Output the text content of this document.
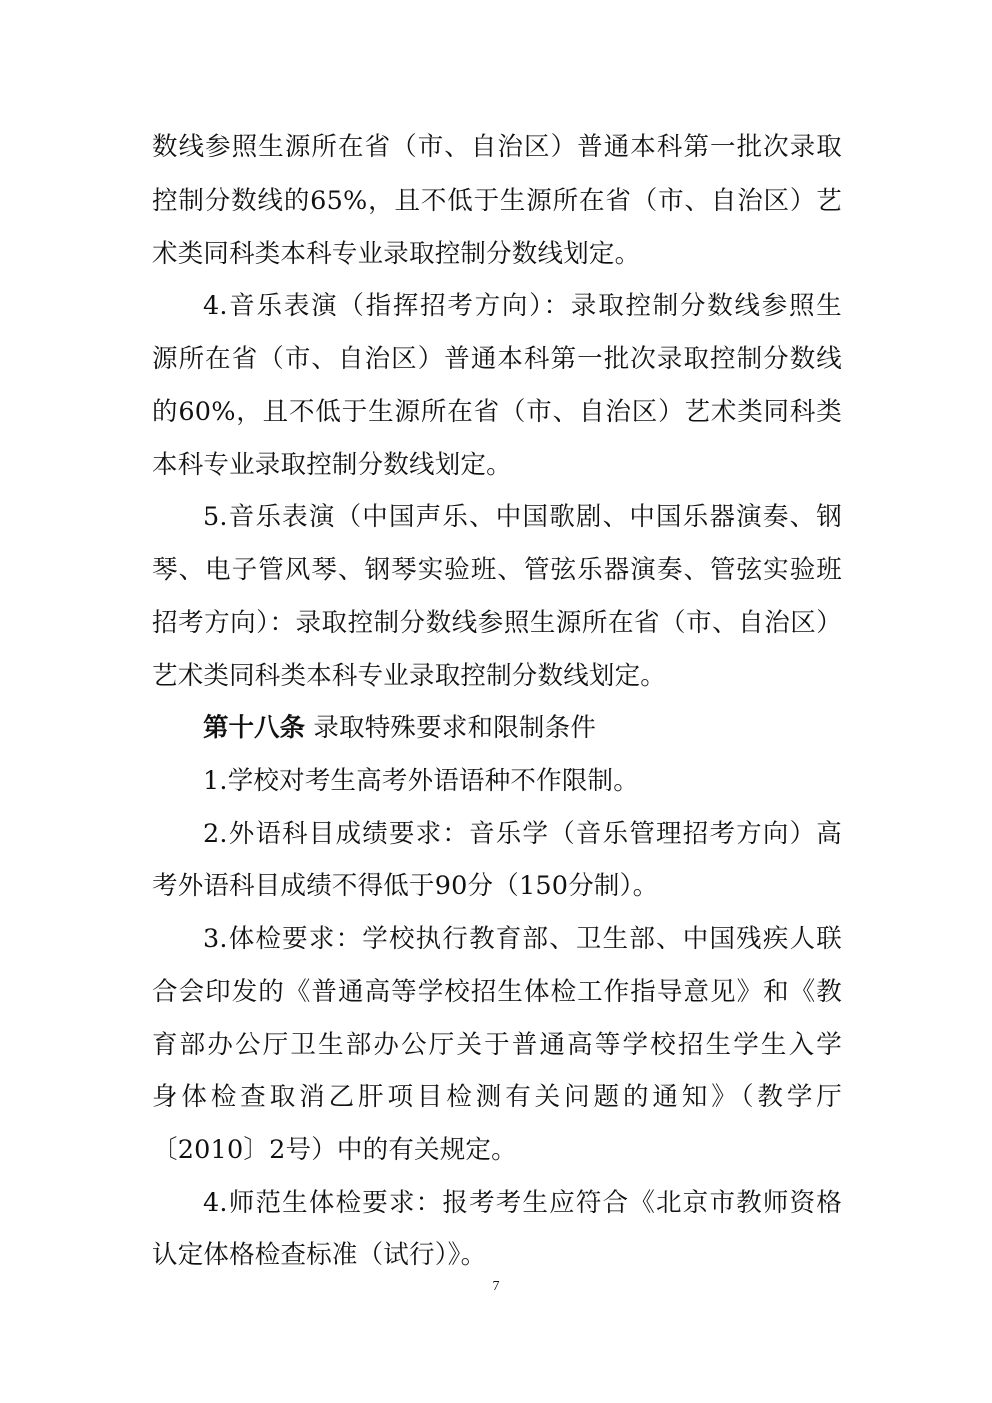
数线参照生源所在省（市、自治区）普通本科第一批次录取
控制分数线的65%，且不低于生源所在省（市、自治区）艺
术类同科类本科专业录取控制分数线划定。
4.音乐表演（指挥招考方向）：录取控制分数线参照生
源所在省（市、自治区）普通本科第一批次录取控制分数线
的60%，且不低于生源所在省（市、自治区）艺术类同科类
本科专业录取控制分数线划定。
5.音乐表演（中国声乐、中国歌剧、中国乐器演奏、钢
琴、电子管风琴、钢琴实验班、管弦乐器演奏、管弦实验班
招考方向）：录取控制分数线参照生源所在省（市、自治区）
艺术类同科类本科专业录取控制分数线划定。
第十八条 录取特殊要求和限制条件
1.学校对考生高考外语语种不作限制。
2.外语科目成绩要求：音乐学（音乐管理招考方向）高
考外语科目成绩不得低于90分（150分制）。
3.体检要求：学校执行教育部、卫生部、中国残疾人联
合会印发的《普通高等学校招生体检工作指导意见》和《教
育部办公厅卫生部办公厅关于普通高等学校招生学生入学
身体检查取消乙肝项目检测有关问题的通知》（教学厅
〔2010〕2号）中的有关规定。
4.师范生体检要求：报考考生应符合《北京市教师资格
认定体格检查标准（试行）》。
7
